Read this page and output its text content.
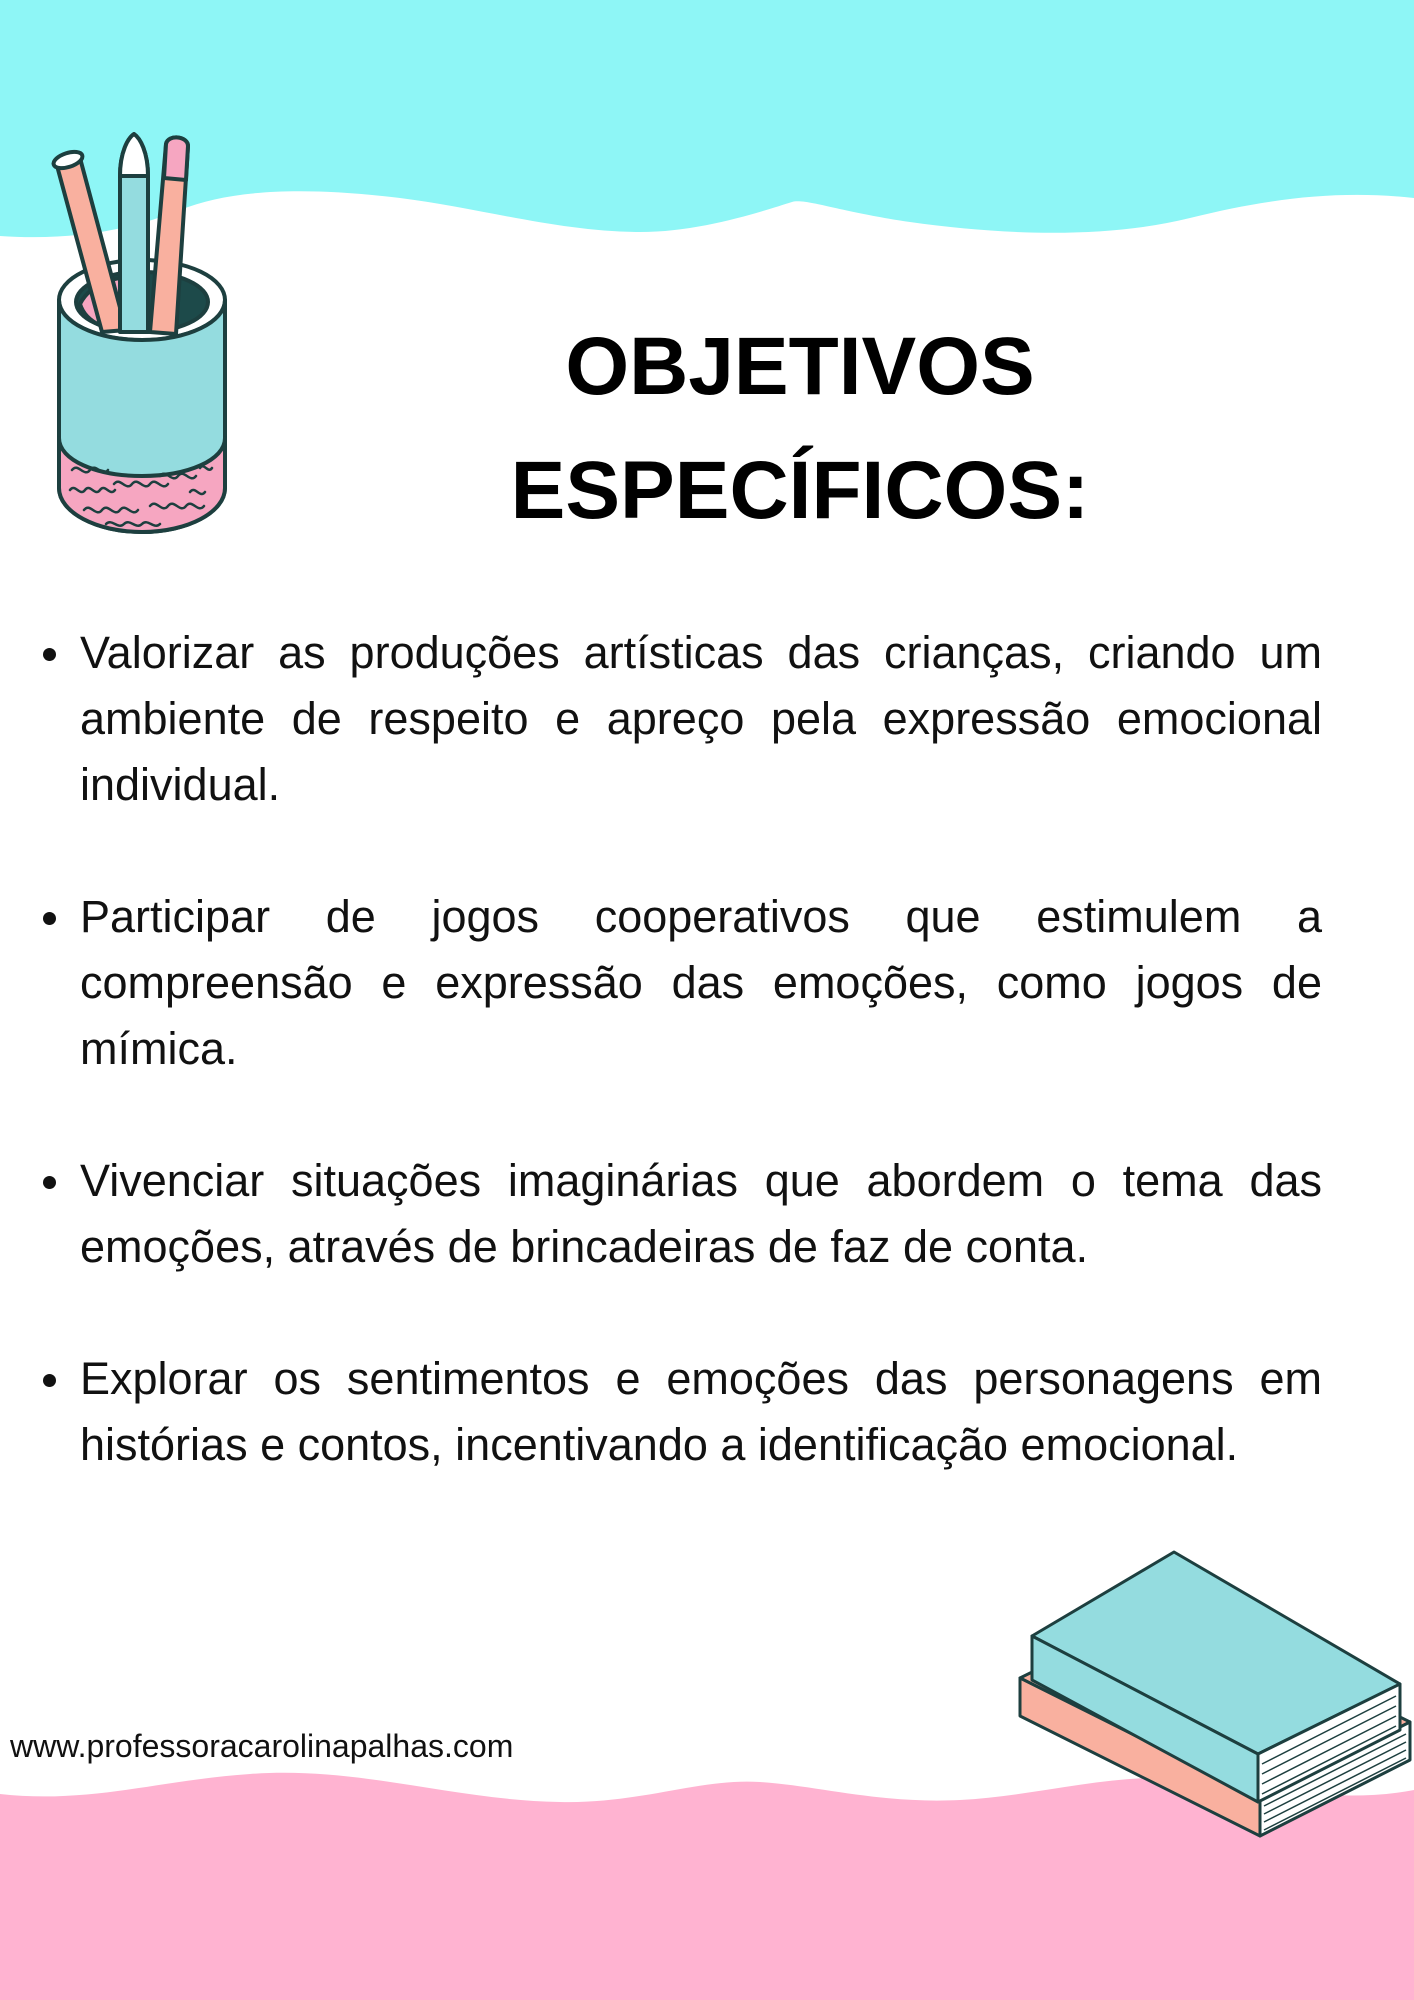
OBJETIVOS
ESPECÍFICOS:
Valorizar as produções artísticas das crianças, criando um ambiente de respeito e apreço pela expressão emocional individual.
Participar de jogos cooperativos que estimulem a compreensão e expressão das emoções, como jogos de mímica.
Vivenciar situações imaginárias que abordem o tema das emoções, através de brincadeiras de faz de conta.
Explorar os sentimentos e emoções das personagens em histórias e contos, incentivando a identificação emocional.
www.professoracarolinapalhas.com
